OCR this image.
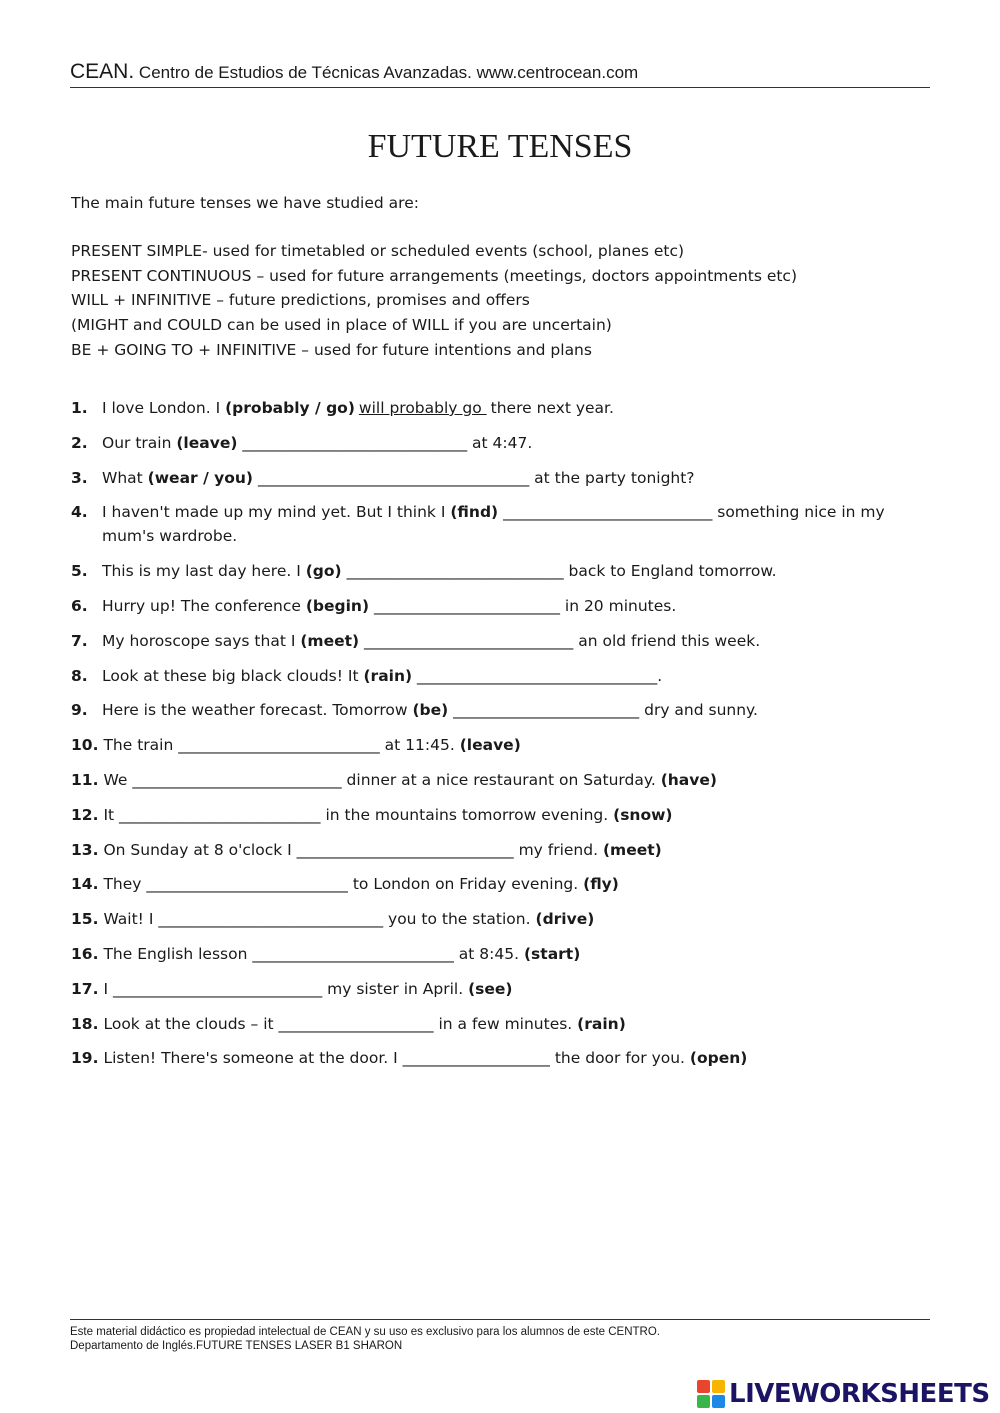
CEAN. Centro de Estudios de Técnicas Avanzadas. www.centrocean.com
FUTURE TENSES
The main future tenses we have studied are:
PRESENT SIMPLE- used for timetabled or scheduled events (school, planes etc)
PRESENT CONTINUOUS – used for future arrangements (meetings, doctors appointments etc)
WILL + INFINITIVE – future predictions, promises and offers
(MIGHT and COULD can be used in place of WILL if you are uncertain)
BE + GOING TO + INFINITIVE – used for future intentions and plans
1. I love London. I (probably / go) will probably go there next year.
2. Our train (leave) _____________________________ at 4:47.
3. What (wear / you) ___________________________________ at the party tonight?
4. I haven't made up my mind yet. But I think I (find) ___________________________ something nice in my mum's wardrobe.
5. This is my last day here. I (go) ____________________________ back to England tomorrow.
6. Hurry up! The conference (begin) ________________________ in 20 minutes.
7. My horoscope says that I (meet) ___________________________ an old friend this week.
8. Look at these big black clouds! It (rain) _______________________________.
9. Here is the weather forecast. Tomorrow (be) ________________________ dry and sunny.
10. The train __________________________ at 11:45. (leave)
11. We ___________________________ dinner at a nice restaurant on Saturday. (have)
12. It __________________________ in the mountains tomorrow evening. (snow)
13. On Sunday at 8 o'clock I ____________________________ my friend. (meet)
14. They __________________________ to London on Friday evening. (fly)
15. Wait! I _____________________________ you to the station. (drive)
16. The English lesson __________________________ at 8:45. (start)
17. I ___________________________ my sister in April. (see)
18. Look at the clouds – it ____________________ in a few minutes. (rain)
19. Listen! There's someone at the door. I ___________________ the door for you. (open)
Este material didáctico es propiedad intelectual de CEAN y su uso es exclusivo para los alumnos de este CENTRO.
Departamento de Inglés.FUTURE TENSES LASER B1 SHARON
LIVEWORKSHEETS
